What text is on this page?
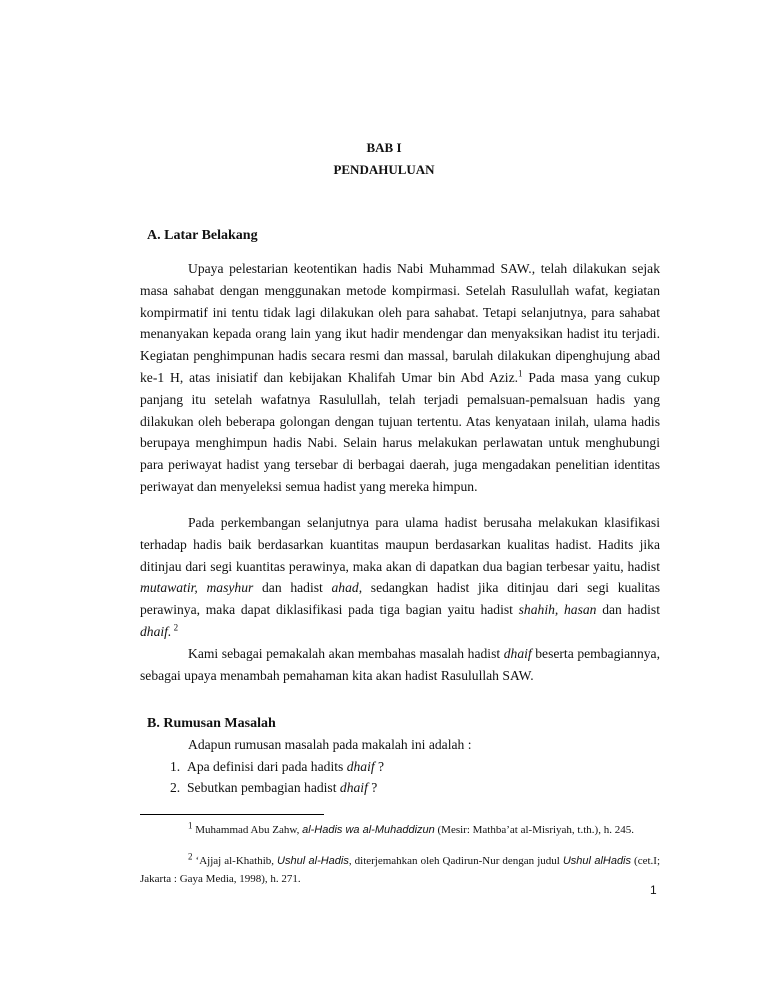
BAB I
PENDAHULUAN
A. Latar Belakang

Upaya pelestarian keotentikan hadis Nabi Muhammad SAW., telah dilakukan sejak masa sahabat dengan menggunakan metode kompirmasi. Setelah Rasulullah wafat, kegiatan kompirmatif ini tentu tidak lagi dilakukan oleh para sahabat. Tetapi selanjutnya, para sahabat menanyakan kepada orang lain yang ikut hadir mendengar dan menyaksikan hadist itu terjadi. Kegiatan penghimpunan hadis secara resmi dan massal, barulah dilakukan dipenghujung abad ke-1 H, atas inisiatif dan kebijakan Khalifah Umar bin Abd Aziz.$^1$ Pada masa yang cukup panjang itu setelah wafatnya Rasulullah, telah terjadi pemalsuan-pemalsuan hadis yang dilakukan oleh beberapa golongan dengan tujuan tertentu. Atas kenyataan inilah, ulama hadis berupaya menghimpun hadis Nabi. Selain harus melakukan perlawatan untuk menghubungi para periwayat hadist yang tersebar di berbagai daerah, juga mengadakan penelitian identitas periwayat dan menyeleksi semua hadist yang mereka himpun.

Pada perkembangan selanjutnya para ulama hadist berusaha melakukan klasifikasi terhadap hadis baik berdasarkan kuantitas maupun berdasarkan kualitas hadist. Hadits jika ditinjau dari segi kuantitas perawinya, maka akan di dapatkan dua bagian terbesar yaitu, hadist mutawatir, masyhur dan hadist ahad, sedangkan hadist jika ditinjau dari segi kualitas perawinya, maka dapat diklasifikasi pada tiga bagian yaitu hadist shahih, hasan dan hadist dhaif. $^2$

Kami sebagai pemakalah akan membahas masalah hadist dhaif beserta pembagiannya, sebagai upaya menambah pemahaman kita akan hadist Rasulullah SAW.

B. Rumusan Masalah
Adapun rumusan masalah pada makalah ini adalah :
1. Apa definisi dari pada hadits dhaif ?
2. Sebutkan pembagian hadist dhaif ?

$^1$ Muhammad Abu Zahw, al-Hadis wa al-Muhaddizun (Mesir: Mathba’at al-Misriyah, t.th.), h. 245.

$^2$ ‘Ajjaj al-Khathib, Ushul al-Hadis, diterjemahkan oleh Qadirun-Nur dengan judul Ushul alHadis (cet.I; Jakarta : Gaya Media, 1998), h. 271.

1
